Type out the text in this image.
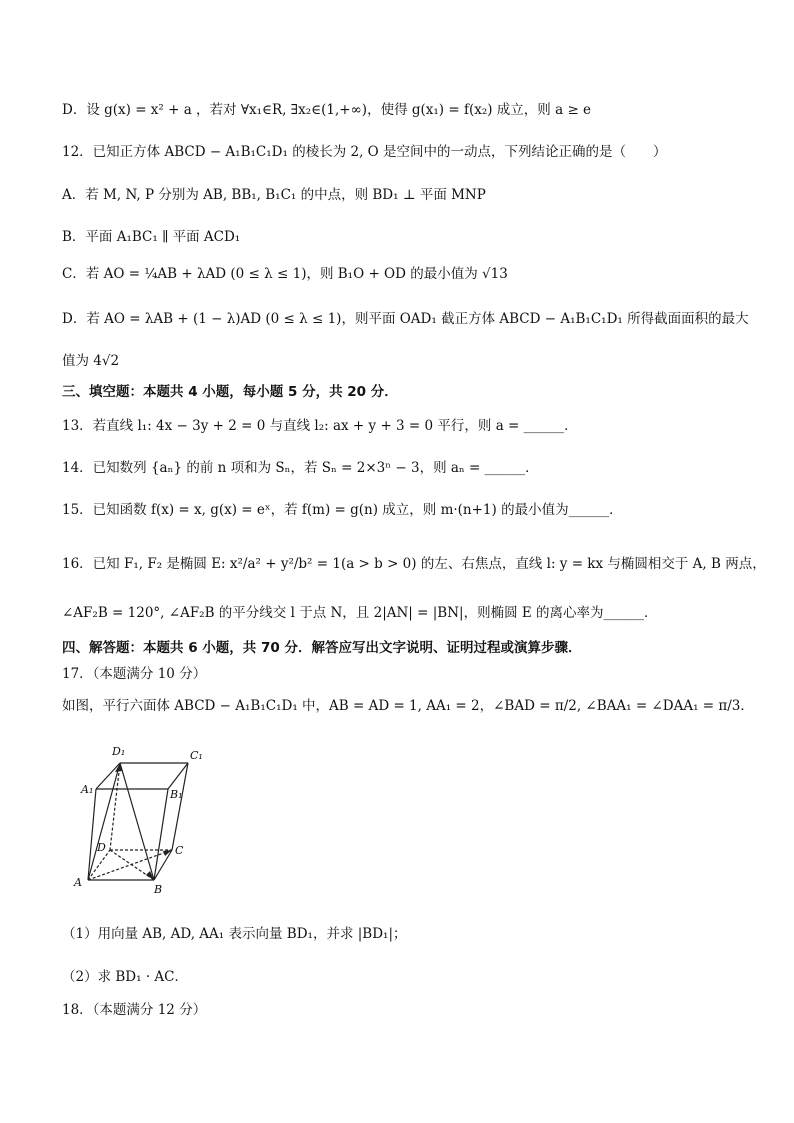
D．设 g(x) = x² + a ，若对 ∀x₁∈R, ∃x₂∈(1,+∞)，使得 g(x₁) = f(x₂) 成立，则 a ≥ e
12．已知正方体 ABCD − A₁B₁C₁D₁ 的棱长为 2, O 是空间中的一动点，下列结论正确的是（　　）
A．若 M, N, P 分别为 AB, BB₁, B₁C₁ 的中点，则 BD₁ ⊥ 平面 MNP
B．平面 A₁BC₁ ∥ 平面 ACD₁
C．若 AO = ¼AB + λAD (0 ≤ λ ≤ 1)，则 B₁O + OD 的最小值为 √13
D．若 AO = λAB + (1 − λ)AD (0 ≤ λ ≤ 1)，则平面 OAD₁ 截正方体 ABCD − A₁B₁C₁D₁ 所得截面面积的最大
值为 4√2
三、填空题：本题共 4 小题，每小题 5 分，共 20 分．
13．若直线 l₁: 4x − 3y + 2 = 0 与直线 l₂: ax + y + 3 = 0 平行，则 a = ______．
14．已知数列 {aₙ} 的前 n 项和为 Sₙ，若 Sₙ = 2×3ⁿ − 3，则 aₙ = ______．
15．已知函数 f(x) = x, g(x) = eˣ，若 f(m) = g(n) 成立，则 m·(n+1) 的最小值为______．
16．已知 F₁, F₂ 是椭圆 E: x²/a² + y²/b² = 1(a > b > 0) 的左、右焦点，直线 l: y = kx 与椭圆相交于 A, B 两点，
∠AF₂B = 120°, ∠AF₂B 的平分线交 l 于点 N，且 2|AN| = |BN|，则椭圆 E 的离心率为______．
四、解答题：本题共 6 小题，共 70 分．解答应写出文字说明、证明过程或演算步骤．
17．（本题满分 10 分）
如图，平行六面体 ABCD − A₁B₁C₁D₁ 中，AB = AD = 1, AA₁ = 2，∠BAD = π/2, ∠BAA₁ = ∠DAA₁ = π/3．
D₁	C₁
A₁	B₁
D	C
A
B
（1）用向量 AB, AD, AA₁ 表示向量 BD₁，并求 |BD₁|；
（2）求 BD₁ · AC．
18．（本题满分 12 分）
